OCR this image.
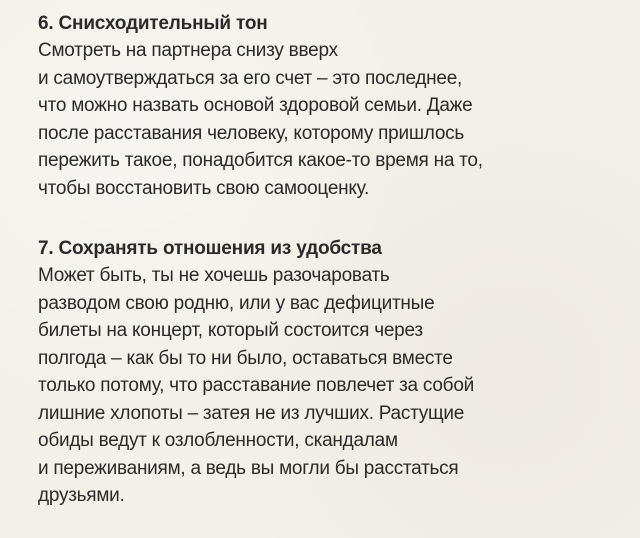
6. Снисходительный тон

Смотреть на партнера снизу вверх

и самоутверждаться за его счет – это последнее,

что можно назвать основой здоровой семьи. Даже

после расставания человеку, которому пришлось

пережить такое, понадобится какое-то время на то,

чтобы восстановить свою самооценку.

7. Сохранять отношения из удобства

Может быть, ты не хочешь разочаровать

разводом свою родню, или у вас дефицитные

билеты на концерт, который состоится через

полгода – как бы то ни было, оставаться вместе

только потому, что расставание повлечет за собой

лишние хлопоты – затея не из лучших. Растущие

обиды ведут к озлобленности, скандалам

и переживаниям, а ведь вы могли бы расстаться

друзьями.
